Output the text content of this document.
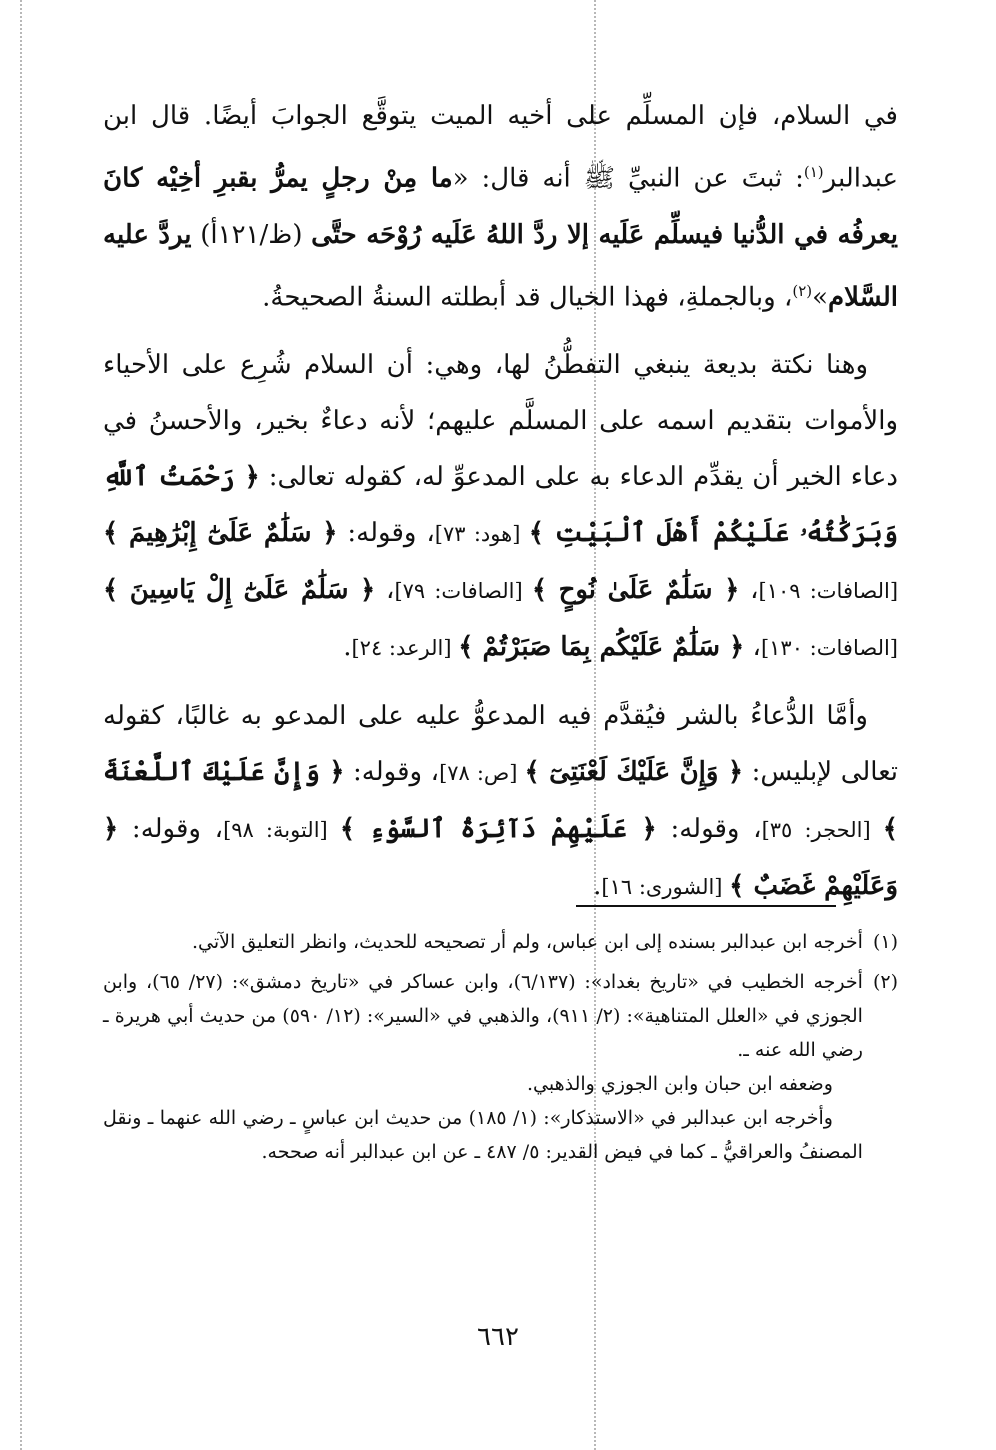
في السلام، فإن المسلِّم على أخيه الميت يتوقَّع الجوابَ أيضًا. قال ابن عبدالبر$^{(١)}$: ثبتَ عن النبيِّ ﷺ أنه قال: «ما مِنْ رجلٍ يمرُّ بقبرِ أخِيْه كانَ يعرفُه في الدُّنيا فيسلِّم عَلَيه إلا ردَّ اللهُ عَلَيه رُوْحَه حتَّى (ظ/١٢١أ) يردَّ عليه السَّلام»$^{(٢)}$، وبالجملةِ، فهذا الخيال قد أبطلته السنةُ الصحيحةُ.

وهنا نكتة بديعة ينبغي التفطُّنُ لها، وهي: أن السلام شُرِع على الأحياء والأموات بتقديم اسمه على المسلَّم عليهم؛ لأنه دعاءٌ بخير، والأحسنُ في دعاء الخير أن يقدِّم الدعاء به على المدعوِّ له، كقوله تعالى: ﴿ رَحْمَتُ ٱللَّهِ وَبَرَكَٰتُهُۥ عَلَيْكُمْ أَهْلَ ٱلْبَيْتِ ﴾ [هود: ٧٣]، وقوله: ﴿ سَلَٰمٌ عَلَىٰٓ إِبْرَٰهِيمَ ﴾ [الصافات: ١٠٩]، ﴿ سَلَٰمٌ عَلَىٰ نُوحٍ ﴾ [الصافات: ٧٩]، ﴿ سَلَٰمٌ عَلَىٰٓ إِلْ يَاسِينَ ﴾ [الصافات: ١٣٠]، ﴿ سَلَٰمٌ عَلَيْكُم بِمَا صَبَرْتُمْ ﴾ [الرعد: ٢٤].

وأمَّا الدُّعاءُ بالشر فيُقدَّم فيه المدعوُّ عليه على المدعو به غالبًا، كقوله تعالى لإبليس: ﴿ وَإِنَّ عَلَيْكَ لَعْنَتِىٓ ﴾ [ص: ٧٨]، وقوله: ﴿ وَإِنَّ عَلَيْكَ ٱللَّعْنَةَ ﴾ [الحجر: ٣٥]، وقوله: ﴿ عَلَيْهِمْ دَآئِرَةُ ٱلسَّوْءِ ﴾ [التوبة: ٩٨]، وقوله: ﴿ وَعَلَيْهِمْ غَضَبٌ ﴾ [الشورى: ١٦].

(١)

أخرجه ابن عبدالبر بسنده إلى ابن عباس، ولم أر تصحيحه للحديث، وانظر التعليق الآتي.

(٢)

أخرجه الخطيب في «تاريخ بغداد»: (٦/١٣٧)، وابن عساكر في «تاريخ دمشق»: (٢٧/ ٦٥)، وابن الجوزي في «العلل المتناهية»: (٢/ ٩١١)، والذهبي في «السير»: (١٢/ ٥٩٠) من حديث أبي هريرة ـ رضي الله عنه ـ.

وضعفه ابن حبان وابن الجوزي والذهبي.

وأخرجه ابن عبدالبر في «الاستذكار»: (١/ ١٨٥) من حديث ابن عباسٍ ـ رضي الله عنهما ـ ونقل المصنفُ والعراقيُّ ـ كما في فيض القدير: ٥/ ٤٨٧ ـ عن ابن عبدالبر أنه صححه.

٦٦٢
